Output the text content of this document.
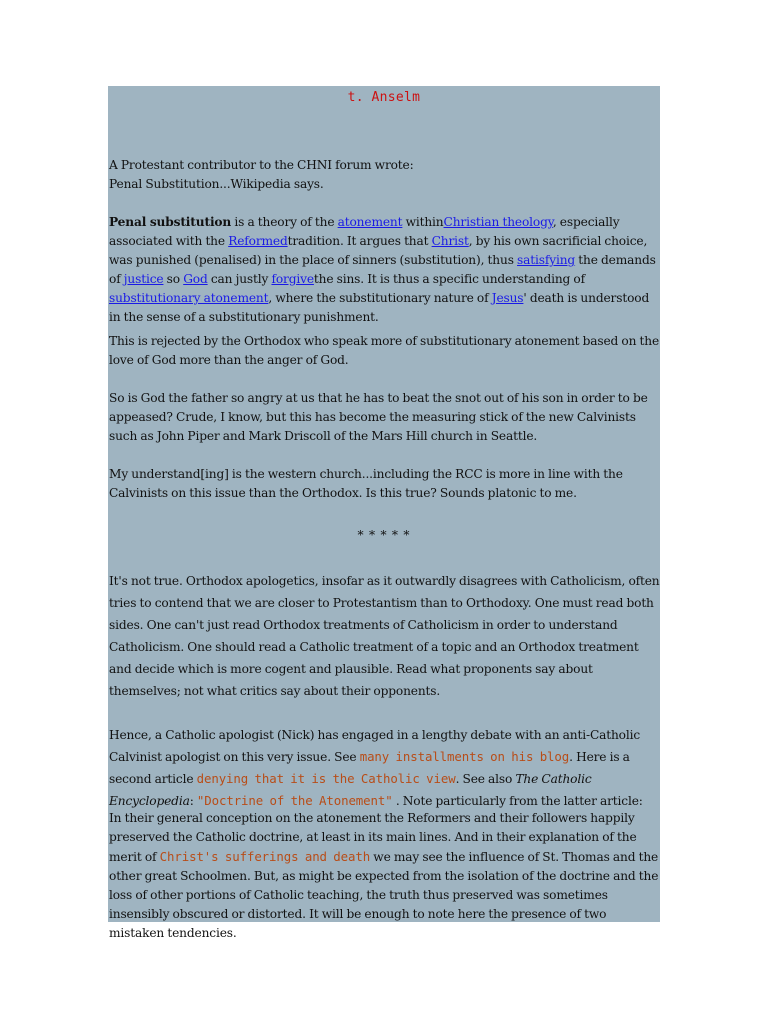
t. Anselm

A Protestant contributor to the CHNI forum wrote:
Penal Substitution...Wikipedia says.

Penal substitution is a theory of the atonement withinChristian theology, especially associated with the Reformedtradition. It argues that Christ, by his own sacrificial choice, was punished (penalised) in the place of sinners (substitution), thus satisfying the demands of justice so God can justly forgivethe sins. It is thus a specific understanding of substitutionary atonement, where the substitutionary nature of Jesus' death is understood in the sense of a substitutionary punishment.

This is rejected by the Orthodox who speak more of substitutionary atonement based on the love of God more than the anger of God.

So is God the father so angry at us that he has to beat the snot out of his son in order to be appeased? Crude, I know, but this has become the measuring stick of the new Calvinists such as John Piper and Mark Driscoll of the Mars Hill church in Seattle.

My understand[ing] is the western church...including the RCC is more in line with the Calvinists on this issue than the Orthodox. Is this true? Sounds platonic to me.

* * * * *

It's not true. Orthodox apologetics, insofar as it outwardly disagrees with Catholicism, often tries to contend that we are closer to Protestantism than to Orthodoxy. One must read both sides. One can't just read Orthodox treatments of Catholicism in order to understand Catholicism. One should read a Catholic treatment of a topic and an Orthodox treatment and decide which is more cogent and plausible. Read what proponents say about themselves; not what critics say about their opponents.

Hence, a Catholic apologist (Nick) has engaged in a lengthy debate with an anti-Catholic Calvinist apologist on this very issue. See many installments on his blog. Here is a second article denying that it is the Catholic view. See also The Catholic Encyclopedia: "Doctrine of the Atonement" . Note particularly from the latter article:

In their general conception on the atonement the Reformers and their followers happily preserved the Catholic doctrine, at least in its main lines. And in their explanation of the merit of Christ's sufferings and death we may see the influence of St. Thomas and the other great Schoolmen. But, as might be expected from the isolation of the doctrine and the loss of other portions of Catholic teaching, the truth thus preserved was sometimes insensibly obscured or distorted. It will be enough to note here the presence of two mistaken tendencies.
